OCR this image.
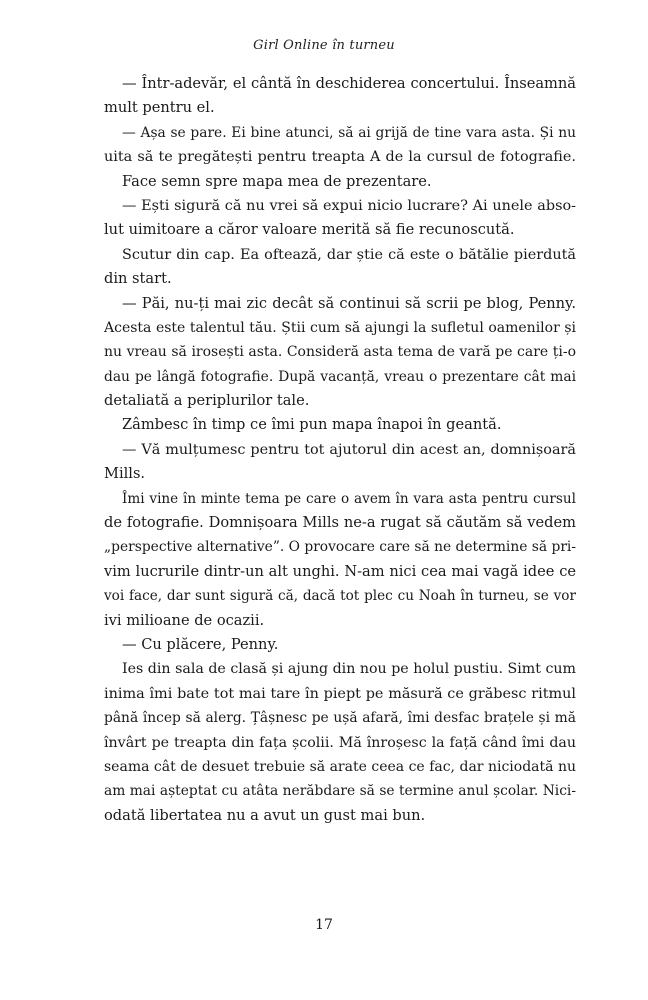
Girl Online în turneu
— Într-adevăr, el cântă în deschiderea concertului. Înseamnă
mult pentru el.
— Așa se pare. Ei bine atunci, să ai grijă de tine vara asta. Și nu
uita să te pregătești pentru treapta A de la cursul de fotografie.
Face semn spre mapa mea de prezentare.
— Ești sigură că nu vrei să expui nicio lucrare? Ai unele abso-
lut uimitoare a căror valoare merită să fie recunoscută.
Scutur din cap. Ea oftează, dar știe că este o bătălie pierdută
din start.
— Păi, nu-ți mai zic decât să continui să scrii pe blog, Penny.
Acesta este talentul tău. Știi cum să ajungi la sufletul oamenilor și
nu vreau să irosești asta. Consideră asta tema de vară pe care ți-o
dau pe lângă fotografie. După vacanță, vreau o prezentare cât mai
detaliată a periplurilor tale.
Zâmbesc în timp ce îmi pun mapa înapoi în geantă.
— Vă mulțumesc pentru tot ajutorul din acest an, domnișoară
Mills.
Îmi vine în minte tema pe care o avem în vara asta pentru cursul
de fotografie. Domnișoara Mills ne-a rugat să căutăm să vedem
„perspective alternative”. O provocare care să ne determine să pri-
vim lucrurile dintr-un alt unghi. N-am nici cea mai vagă idee ce
voi face, dar sunt sigură că, dacă tot plec cu Noah în turneu, se vor
ivi milioane de ocazii.
— Cu plăcere, Penny.
Ies din sala de clasă și ajung din nou pe holul pustiu. Simt cum
inima îmi bate tot mai tare în piept pe măsură ce grăbesc ritmul
până încep să alerg. Țâșnesc pe ușă afară, îmi desfac brațele și mă
învârt pe treapta din fața școlii. Mă înroșesc la față când îmi dau
seama cât de desuet trebuie să arate ceea ce fac, dar niciodată nu
am mai așteptat cu atâta nerăbdare să se termine anul școlar. Nici-
odată libertatea nu a avut un gust mai bun.
17
